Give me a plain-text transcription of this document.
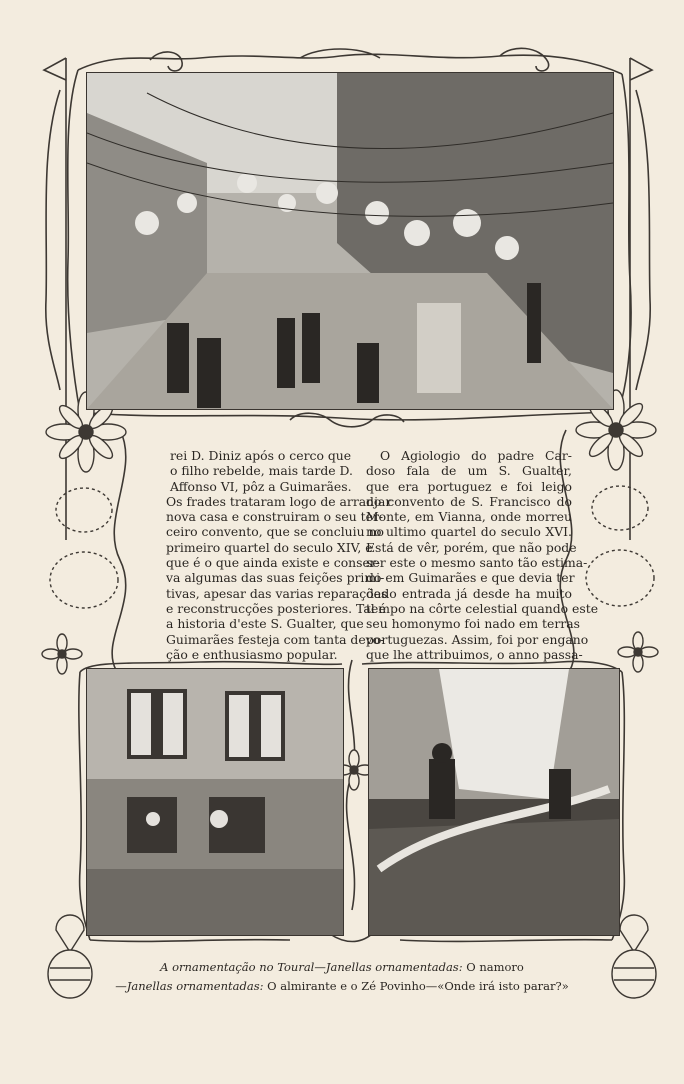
rei D. Diniz após o cerco que
o filho rebelde, mais tarde D.
Affonso VI, pôz a Guimarães.
Os frades trataram logo de arranjar
nova casa e construiram o seu ter-
ceiro convento, que se concluiu no
primeiro quartel do seculo XIV, e
que é o que ainda existe e conser-
va algumas das suas feições primi-
tivas, apesar das varias reparações
e reconstrucções posteriores. Tal é
a historia d'este S. Gualter, que
Guimarães festeja com tanta devo-
ção e enthusiasmo popular.
O Agiologio do padre Car-
doso fala de um S. Gualter,
que era portuguez e foi leigo
do convento de S. Francisco do
Monte, em Vianna, onde morreu
no ultimo quartel do seculo XVI.
Está de vêr, porém, que não pode
ser este o mesmo santo tão estima-
do em Guimarães e que devia ter
dado entrada já desde ha muito
tempo na côrte celestial quando este
seu homonymo foi nado em terras
portuguezas. Assim, foi por engano
que lhe attribuimos, o anno passa-
A ornamentação no Toural—Janellas ornamentadas: O namoro
—Janellas ornamentadas: O almirante e o Zé Povinho—«Onde irá isto parar?»
